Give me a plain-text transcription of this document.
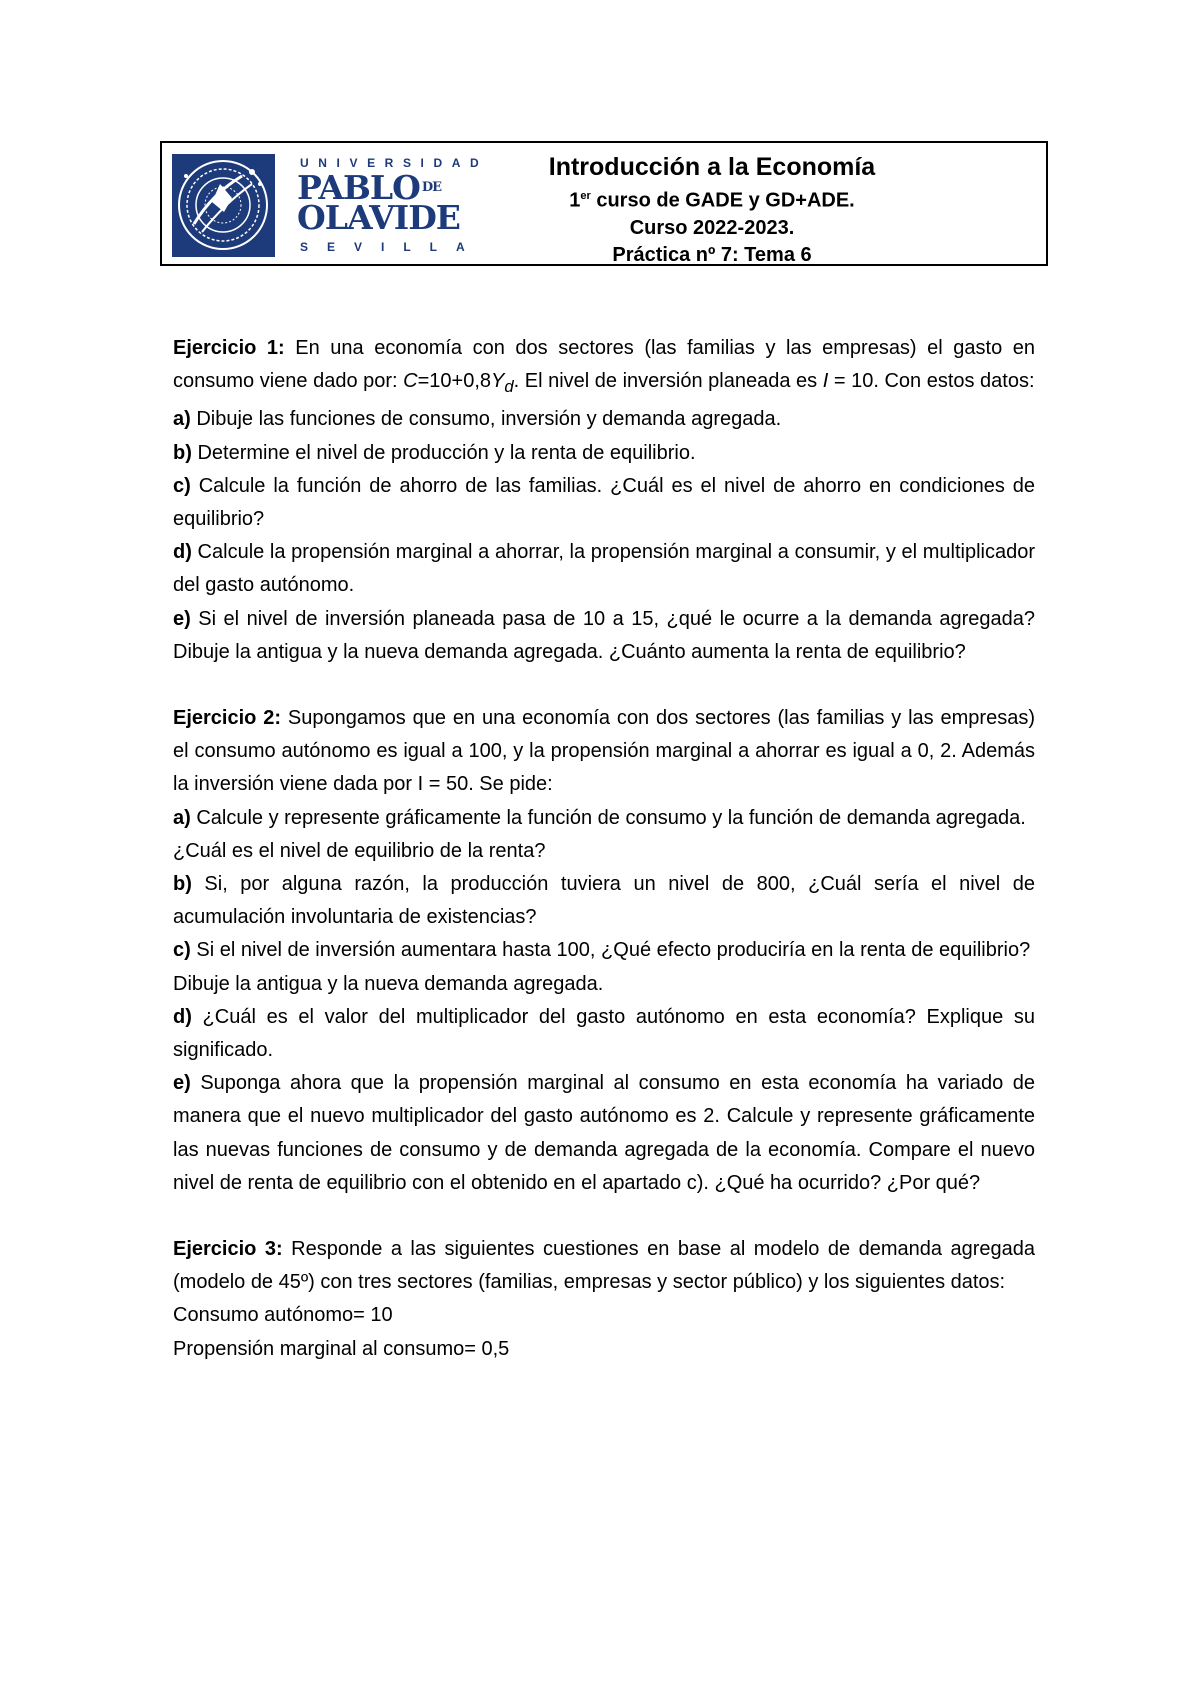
UNIVERSIDAD
PABLO $^{DE}$
OLAVIDE
SEVILLA
Introducción a la Economía
1er curso de GADE y GD+ADE.
Curso 2022-2023.
Práctica nº 7: Tema 6

Ejercicio 1: En una economía con dos sectores (las familias y las empresas) el gasto en consumo viene dado por: $C=10+0,8Y_d$. El nivel de inversión planeada es I = 10. Con estos datos:

a) Dibuje las funciones de consumo, inversión y demanda agregada.

b) Determine el nivel de producción y la renta de equilibrio.

c) Calcule la función de ahorro de las familias. ¿Cuál es el nivel de ahorro en condiciones de equilibrio?

d) Calcule la propensión marginal a ahorrar, la propensión marginal a consumir, y el multiplicador del gasto autónomo.

e) Si el nivel de inversión planeada pasa de 10 a 15, ¿qué le ocurre a la demanda agregada? Dibuje la antigua y la nueva demanda agregada. ¿Cuánto aumenta la renta de equilibrio?

Ejercicio 2: Supongamos que en una economía con dos sectores (las familias y las empresas) el consumo autónomo es igual a 100, y la propensión marginal a ahorrar es igual a 0, 2. Además la inversión viene dada por I = 50. Se pide:

a) Calcule y represente gráficamente la función de consumo y la función de demanda agregada.

¿Cuál es el nivel de equilibrio de la renta?

b) Si, por alguna razón, la producción tuviera un nivel de 800, ¿Cuál sería el nivel de acumulación involuntaria de existencias?

c) Si el nivel de inversión aumentara hasta 100, ¿Qué efecto produciría en la renta de equilibrio?

Dibuje la antigua y la nueva demanda agregada.

d) ¿Cuál es el valor del multiplicador del gasto autónomo en esta economía? Explique su significado.

e) Suponga ahora que la propensión marginal al consumo en esta economía ha variado de manera que el nuevo multiplicador del gasto autónomo es 2. Calcule y represente gráficamente las nuevas funciones de consumo y de demanda agregada de la economía. Compare el nuevo nivel de renta de equilibrio con el obtenido en el apartado c). ¿Qué ha ocurrido? ¿Por qué?

Ejercicio 3: Responde a las siguientes cuestiones en base al modelo de demanda agregada (modelo de 45º) con tres sectores (familias, empresas y sector público) y los siguientes datos:

Consumo autónomo= 10

Propensión marginal al consumo= 0,5
